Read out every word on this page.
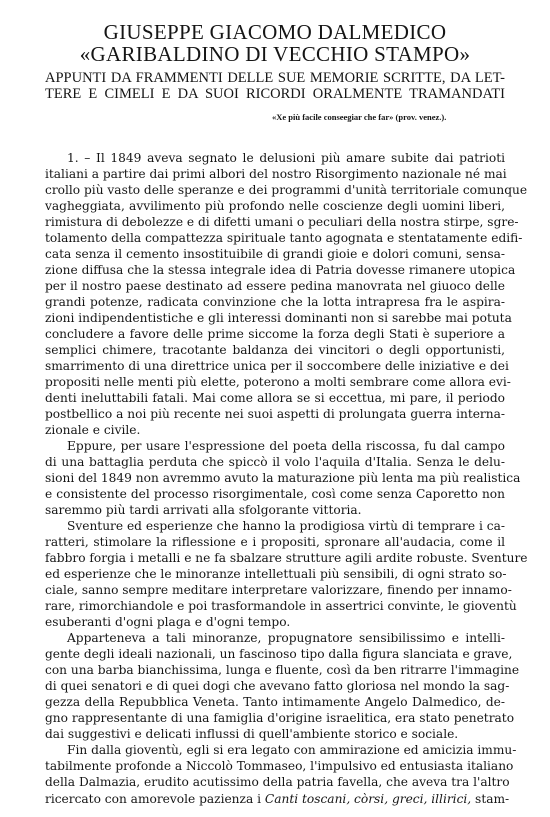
GIUSEPPE GIACOMO DALMEDICO
«GARIBALDINO DI VECCHIO STAMPO»
APPUNTI DA FRAMMENTI DELLE SUE MEMORIE SCRITTE, DA LET-
TERE E CIMELI E DA SUOI RICORDI ORALMENTE TRAMANDATI
«Xe più facile conseegiar che far» (prov. venez.).
1. – Il 1849 aveva segnato le delusioni più amare subite dai patrioti
italiani a partire dai primi albori del nostro Risorgimento nazionale né mai
crollo più vasto delle speranze e dei programmi d'unità territoriale comunque
vagheggiata, avvilimento più profondo nelle coscienze degli uomini liberi,
rimistura di debolezze e di difetti umani o peculiari della nostra stirpe, sgre-
tolamento della compattezza spirituale tanto agognata e stentatamente edifi-
cata senza il cemento insostituibile di grandi gioie e dolori comuni, sensa-
zione diffusa che la stessa integrale idea di Patria dovesse rimanere utopica
per il nostro paese destinato ad essere pedina manovrata nel giuoco delle
grandi potenze, radicata convinzione che la lotta intrapresa fra le aspira-
zioni indipendentistiche e gli interessi dominanti non si sarebbe mai potuta
concludere a favore delle prime siccome la forza degli Stati è superiore a
semplici chimere, tracotante baldanza dei vincitori o degli opportunisti,
smarrimento di una direttrice unica per il soccombere delle iniziative e dei
propositi nelle menti più elette, poterono a molti sembrare come allora evi-
denti ineluttabili fatali. Mai come allora se si eccettua, mi pare, il periodo
postbellico a noi più recente nei suoi aspetti di prolungata guerra interna-
zionale e civile.
Eppure, per usare l'espressione del poeta della riscossa, fu dal campo
di una battaglia perduta che spiccò il volo l'aquila d'Italia. Senza le delu-
sioni del 1849 non avremmo avuto la maturazione più lenta ma più realistica
e consistente del processo risorgimentale, così come senza Caporetto non
saremmo più tardi arrivati alla sfolgorante vittoria.
Sventure ed esperienze che hanno la prodigiosa virtù di temprare i ca-
ratteri, stimolare la riflessione e i propositi, spronare all'audacia, come il
fabbro forgia i metalli e ne fa sbalzare strutture agili ardite robuste. Sventure
ed esperienze che le minoranze intellettuali più sensibili, di ogni strato so-
ciale, sanno sempre meditare interpretare valorizzare, finendo per innamo-
rare, rimorchiandole e poi trasformandole in assertrici convinte, le gioventù
esuberanti d'ogni plaga e d'ogni tempo.
Apparteneva a tali minoranze, propugnatore sensibilissimo e intelli-
gente degli ideali nazionali, un fascinoso tipo dalla figura slanciata e grave,
con una barba bianchissima, lunga e fluente, così da ben ritrarre l'immagine
di quei senatori e di quei dogi che avevano fatto gloriosa nel mondo la sag-
gezza della Repubblica Veneta. Tanto intimamente Angelo Dalmedico, de-
gno rappresentante di una famiglia d'origine israelitica, era stato penetrato
dai suggestivi e delicati influssi di quell'ambiente storico e sociale.
Fin dalla gioventù, egli si era legato con ammirazione ed amicizia immu-
tabilmente profonde a Niccolò Tommaseo, l'impulsivo ed entusiasta italiano
della Dalmazia, erudito acutissimo della patria favella, che aveva tra l'altro
ricercato con amorevole pazienza i Canti toscani, còrsi, greci, illirici, stam-
